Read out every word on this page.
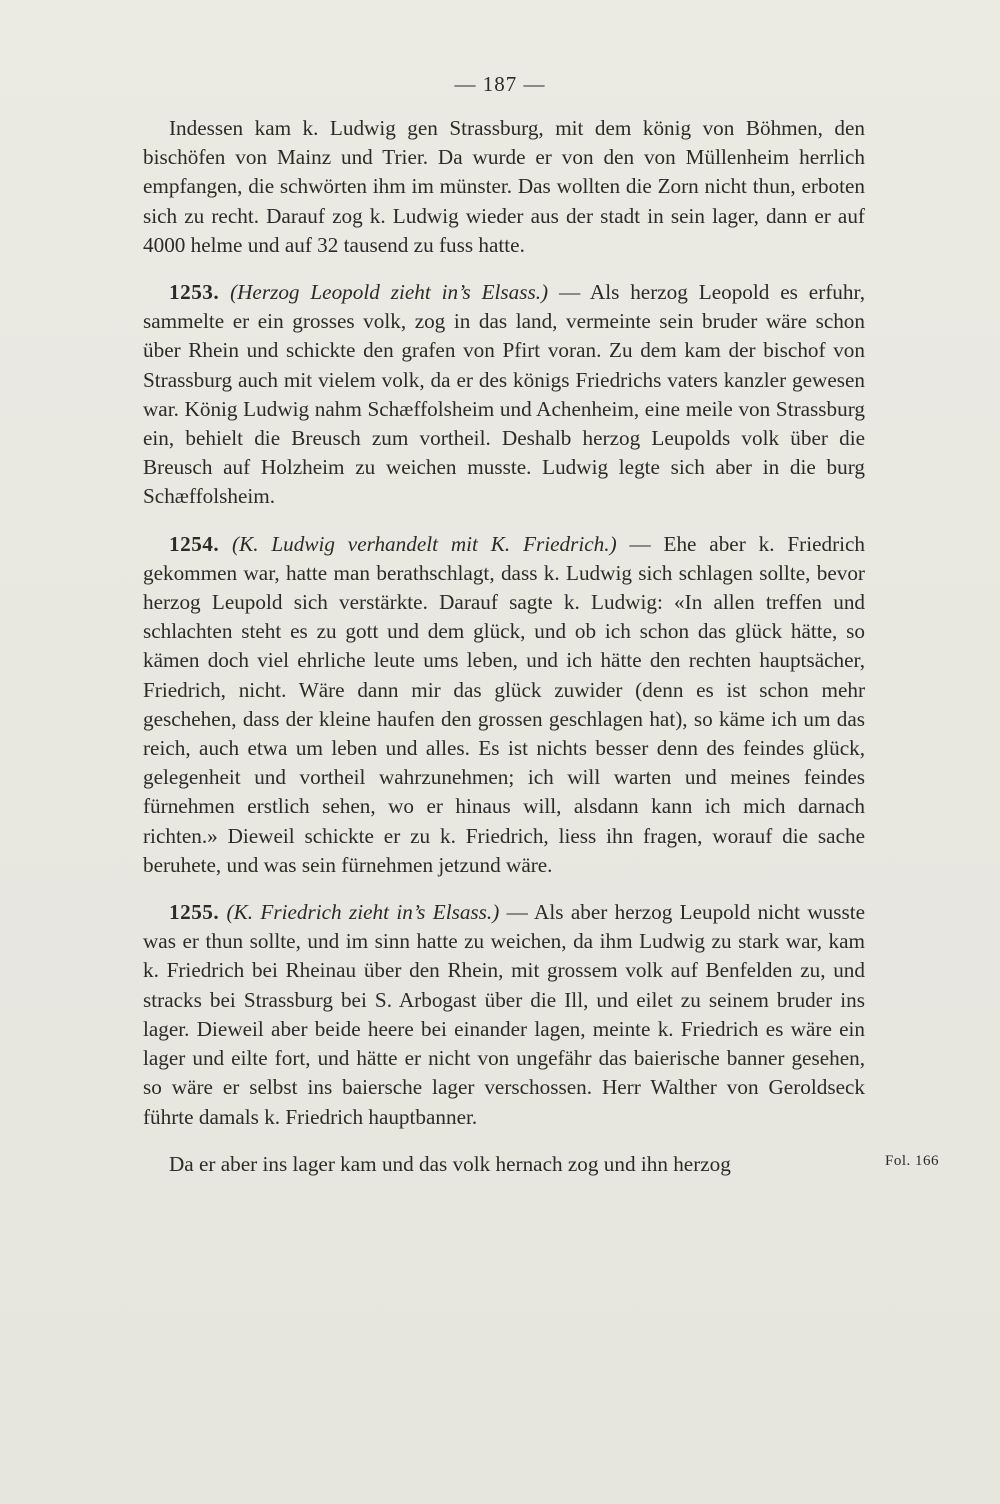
— 187 —

Indessen kam k. Ludwig gen Strassburg, mit dem könig von Böhmen, den bischöfen von Mainz und Trier. Da wurde er von den von Müllenheim herrlich empfangen, die schwörten ihm im münster. Das wollten die Zorn nicht thun, erboten sich zu recht. Darauf zog k. Ludwig wieder aus der stadt in sein lager, dann er auf 4000 helme und auf 32 tausend zu fuss hatte.

1253. (Herzog Leopold zieht in’s Elsass.) — Als herzog Leopold es erfuhr, sammelte er ein grosses volk, zog in das land, vermeinte sein bruder wäre schon über Rhein und schickte den grafen von Pfirt voran. Zu dem kam der bischof von Strassburg auch mit vielem volk, da er des königs Friedrichs vaters kanzler gewesen war. König Ludwig nahm Schæffolsheim und Achenheim, eine meile von Strassburg ein, behielt die Breusch zum vortheil. Deshalb herzog Leupolds volk über die Breusch auf Holzheim zu weichen musste. Ludwig legte sich aber in die burg Schæffolsheim.

1254. (K. Ludwig verhandelt mit K. Friedrich.) — Ehe aber k. Friedrich gekommen war, hatte man berathschlagt, dass k. Ludwig sich schlagen sollte, bevor herzog Leupold sich verstärkte. Darauf sagte k. Ludwig: «In allen treffen und schlachten steht es zu gott und dem glück, und ob ich schon das glück hätte, so kämen doch viel ehrliche leute ums leben, und ich hätte den rechten hauptsächer, Friedrich, nicht. Wäre dann mir das glück zuwider (denn es ist schon mehr geschehen, dass der kleine haufen den grossen geschlagen hat), so käme ich um das reich, auch etwa um leben und alles. Es ist nichts besser denn des feindes glück, gelegenheit und vortheil wahrzunehmen; ich will warten und meines feindes fürnehmen erstlich sehen, wo er hinaus will, alsdann kann ich mich darnach richten.» Dieweil schickte er zu k. Friedrich, liess ihn fragen, worauf die sache beruhete, und was sein fürnehmen jetzund wäre.

1255. (K. Friedrich zieht in’s Elsass.) — Als aber herzog Leupold nicht wusste was er thun sollte, und im sinn hatte zu weichen, da ihm Ludwig zu stark war, kam k. Friedrich bei Rheinau über den Rhein, mit grossem volk auf Benfelden zu, und stracks bei Strassburg bei S. Arbogast über die Ill, und eilet zu seinem bruder ins lager. Dieweil aber beide heere bei einander lagen, meinte k. Friedrich es wäre ein lager und eilte fort, und hätte er nicht von ungefähr das baierische banner gesehen, so wäre er selbst ins baiersche lager verschossen. Herr Walther von Geroldseck führte damals k. Friedrich hauptbanner.

Da er aber ins lager kam und das volk hernach zog und ihn herzog	Fol. 166
